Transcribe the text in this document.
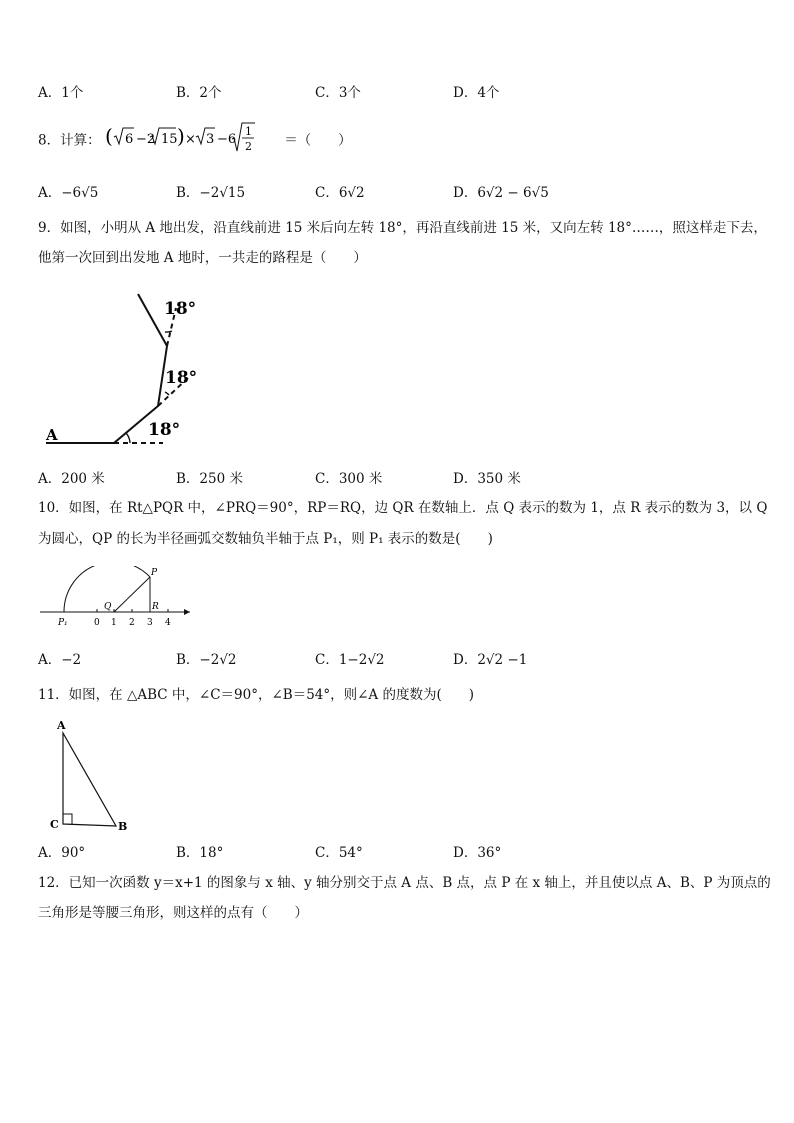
A．1个	B．2个	C．3个	D．4个
8．计算： ( 6 −2 15 ) × 3 −6
1
2 ＝（　　）
A．−6√5	B．−2√15	C．6√2	D．6√2 − 6√5
9．如图，小明从 A 地出发，沿直线前进 15 米后向左转 18°，再沿直线前进 15 米，又向左转 18°……，照这样走下去，
他第一次回到出发地 A 地时，一共走的路程是（　　）
A	18°
18°
18°
A．200 米	B．250 米	C．300 米	D．350 米
10．如图，在 Rt△PQR 中，∠PRQ＝90°，RP＝RQ，边 QR 在数轴上．点 Q 表示的数为 1，点 R 表示的数为 3，以 Q
为圆心，QP 的长为半径画弧交数轴负半轴于点 P₁，则 P₁ 表示的数是(　　)
P
Q	R
P₁	0 1 2 3 4
A．−2	B．−2√2	C．1−2√2	D．2√2 −1
11．如图，在 △ABC 中，∠C＝90°，∠B＝54°，则∠A 的度数为(　　)
A
C	B
A．90°	B．18°	C．54°	D．36°
12．已知一次函数 y＝x+1 的图象与 x 轴、y 轴分别交于点 A 点、B 点，点 P 在 x 轴上，并且使以点 A、B、P 为顶点的
三角形是等腰三角形，则这样的点有（　　）
